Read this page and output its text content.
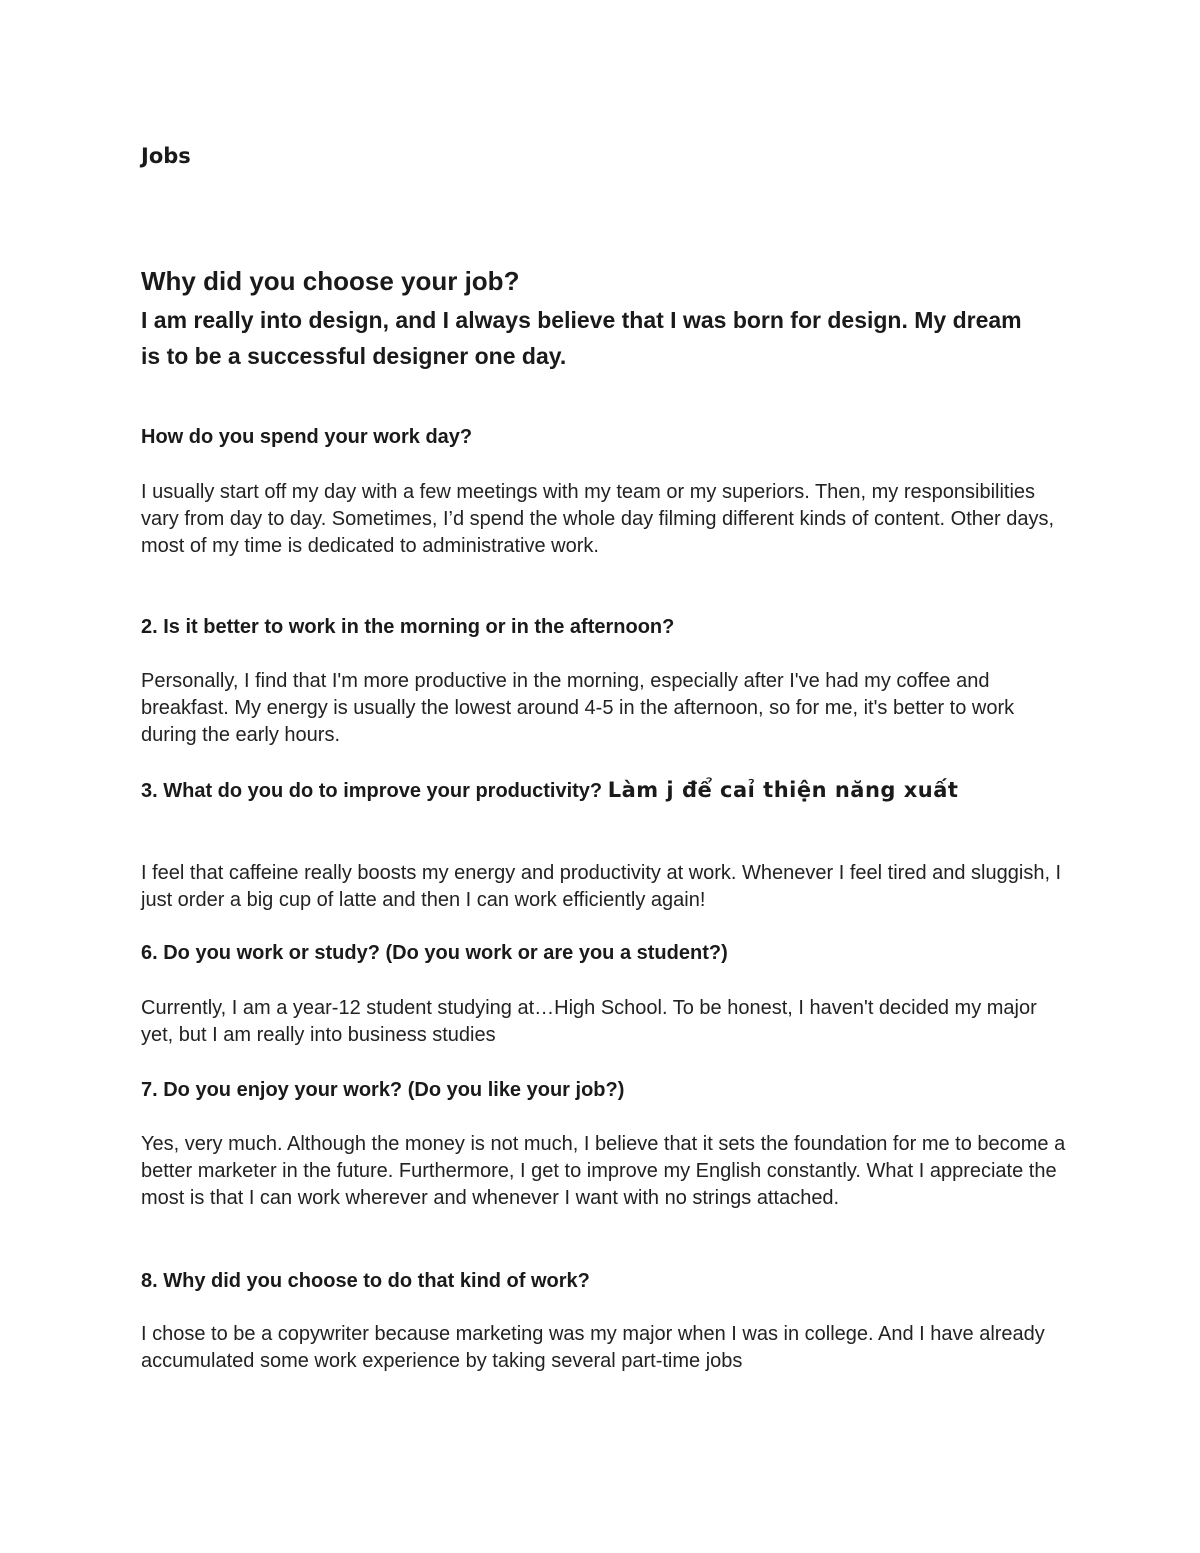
Jobs
Why did you choose your job?

I am really into design, and I always believe that I was born for design. My dream is to be a successful designer one day.

How do you spend your work day?

I usually start off my day with a few meetings with my team or my superiors. Then, my responsibilities vary from day to day. Sometimes, I’d spend the whole day filming different kinds of content. Other days, most of my time is dedicated to administrative work.

2. Is it better to work in the morning or in the afternoon?

Personally, I find that I'm more productive in the morning, especially after I've had my coffee and breakfast. My energy is usually the lowest around 4-5 in the afternoon, so for me, it's better to work during the early hours.

3. What do you do to improve your productivity? Làm j để caỉ thiện năng xuất

I feel that caffeine really boosts my energy and productivity at work. Whenever I feel tired and sluggish, I just order a big cup of latte and then I can work efficiently again!

6. Do you work or study? (Do you work or are you a student?)

Currently, I am a year-12 student studying at…High School. To be honest, I haven't decided my major yet, but I am really into business studies

7. Do you enjoy your work? (Do you like your job?)

Yes, very much. Although the money is not much, I believe that it sets the foundation for me to become a better marketer in the future. Furthermore, I get to improve my English constantly. What I appreciate the most is that I can work wherever and whenever I want with no strings attached.

8. Why did you choose to do that kind of work?

I chose to be a copywriter because marketing was my major when I was in college. And I have already accumulated some work experience by taking several part-time jobs
